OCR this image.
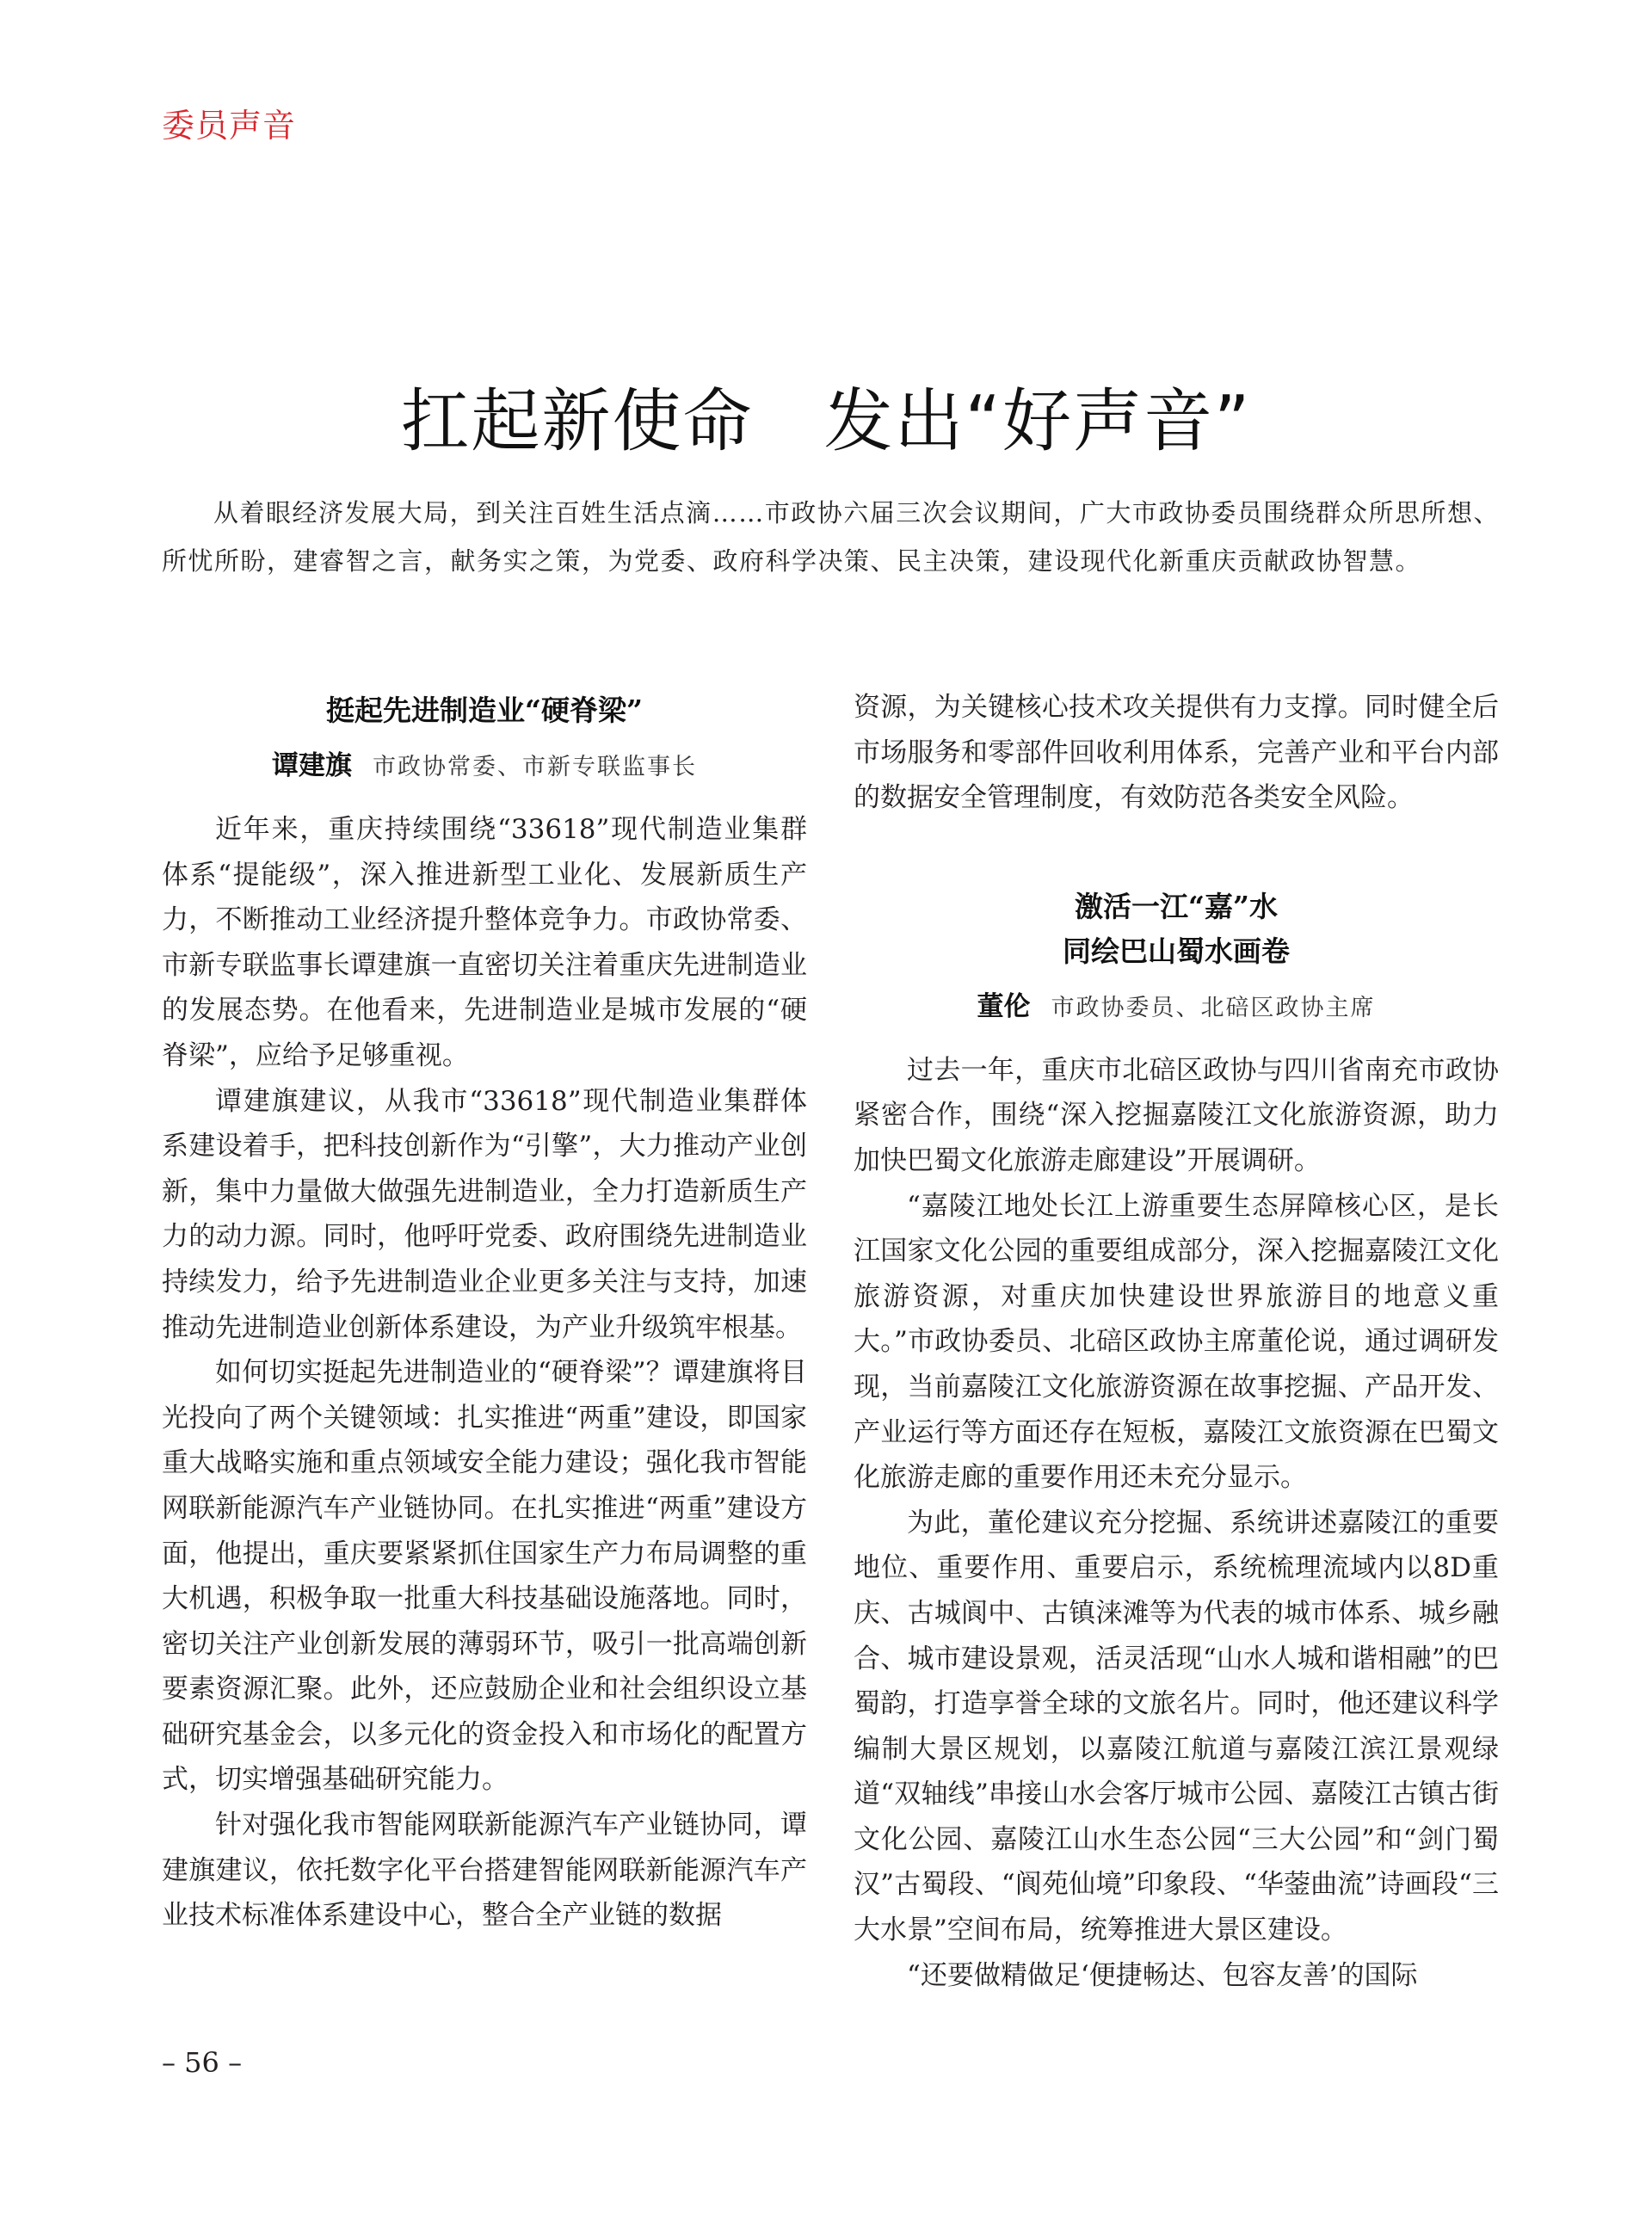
委员声音
扛起新使命　发出“好声音”
从着眼经济发展大局，到关注百姓生活点滴……市政协六届三次会议期间，广大市政协委员围绕群众所思所想、所忧所盼，建睿智之言，献务实之策，为党委、政府科学决策、民主决策，建设现代化新重庆贡献政协智慧。
挺起先进制造业“硬脊梁”
谭建旗 市政协常委、市新专联监事长

近年来，重庆持续围绕“33618”现代制造业集群体系“提能级”，深入推进新型工业化、发展新质生产力，不断推动工业经济提升整体竞争力。市政协常委、市新专联监事长谭建旗一直密切关注着重庆先进制造业的发展态势。在他看来，先进制造业是城市发展的“硬脊梁”，应给予足够重视。

谭建旗建议，从我市“33618”现代制造业集群体系建设着手，把科技创新作为“引擎”，大力推动产业创新，集中力量做大做强先进制造业，全力打造新质生产力的动力源。同时，他呼吁党委、政府围绕先进制造业持续发力，给予先进制造业企业更多关注与支持，加速推动先进制造业创新体系建设，为产业升级筑牢根基。

如何切实挺起先进制造业的“硬脊梁”？谭建旗将目光投向了两个关键领域：扎实推进“两重”建设，即国家重大战略实施和重点领域安全能力建设；强化我市智能网联新能源汽车产业链协同。在扎实推进“两重”建设方面，他提出，重庆要紧紧抓住国家生产力布局调整的重大机遇，积极争取一批重大科技基础设施落地。同时，密切关注产业创新发展的薄弱环节，吸引一批高端创新要素资源汇聚。此外，还应鼓励企业和社会组织设立基础研究基金会，以多元化的资金投入和市场化的配置方式，切实增强基础研究能力。

针对强化我市智能网联新能源汽车产业链协同，谭建旗建议，依托数字化平台搭建智能网联新能源汽车产业技术标准体系建设中心，整合全产业链的数据

资源，为关键核心技术攻关提供有力支撑。同时健全后市场服务和零部件回收利用体系，完善产业和平台内部的数据安全管理制度，有效防范各类安全风险。

激活一江“嘉”水
同绘巴山蜀水画卷
董伦 市政协委员、北碚区政协主席

过去一年，重庆市北碚区政协与四川省南充市政协紧密合作，围绕“深入挖掘嘉陵江文化旅游资源，助力加快巴蜀文化旅游走廊建设”开展调研。

“嘉陵江地处长江上游重要生态屏障核心区，是长江国家文化公园的重要组成部分，深入挖掘嘉陵江文化旅游资源，对重庆加快建设世界旅游目的地意义重大。”市政协委员、北碚区政协主席董伦说，通过调研发现，当前嘉陵江文化旅游资源在故事挖掘、产品开发、产业运行等方面还存在短板，嘉陵江文旅资源在巴蜀文化旅游走廊的重要作用还未充分显示。

为此，董伦建议充分挖掘、系统讲述嘉陵江的重要地位、重要作用、重要启示，系统梳理流域内以8D重庆、古城阆中、古镇涞滩等为代表的城市体系、城乡融合、城市建设景观，活灵活现“山水人城和谐相融”的巴蜀韵，打造享誉全球的文旅名片。同时，他还建议科学编制大景区规划，以嘉陵江航道与嘉陵江滨江景观绿道“双轴线”串接山水会客厅城市公园、嘉陵江古镇古街文化公园、嘉陵江山水生态公园“三大公园”和“剑门蜀汉”古蜀段、“阆苑仙境”印象段、“华蓥曲流”诗画段“三大水景”空间布局，统筹推进大景区建设。

“还要做精做足‘便捷畅达、包容友善’的国际

– 56 –
